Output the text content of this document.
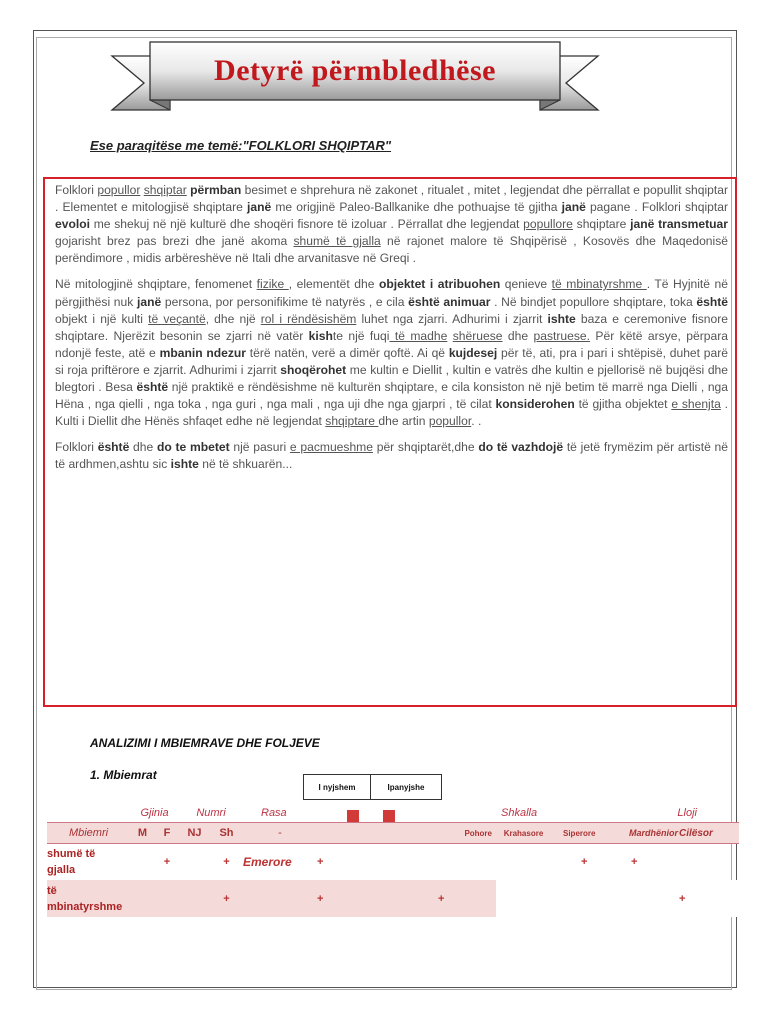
Detyrë përmbledhëse
Ese paraqitëse me temë:"FOLKLORI SHQIPTAR"

Folklori popullor shqiptar përmban besimet e shprehura në zakonet , ritualet , mitet , legjendat dhe përrallat e popullit shqiptar . Elementet e mitologjisë shqiptare janë me origjinë Paleo-Ballkanike dhe pothuajse të gjitha janë pagane . Folklori shqiptar evoloi me shekuj në një kulturë dhe shoqëri fisnore të izoluar . Përrallat dhe legjendat popullore shqiptare janë transmetuar gojarisht brez pas brezi dhe janë akoma shumë të gjalla në rajonet malore të Shqipërisë , Kosovës dhe Maqedonisë perëndimore , midis arbëreshëve në Itali dhe arvanitasve në Greqi .

Në mitologjinë shqiptare, fenomenet fizike , elementët dhe objektet i atribuohen qenieve të mbinatyrshme . Të Hyjnitë në përgjithësi nuk janë persona, por personifikime të natyrës , e cila është animuar . Në bindjet popullore shqiptare, toka është objekt i një kulti të veçantë, dhe një rol i rëndësishëm luhet nga zjarri. Adhurimi i zjarrit ishte baza e ceremonive fisnore shqiptare. Njerëzit besonin se zjarri në vatër kishte një fuqi të madhe shëruese dhe pastruese. Për këtë arsye, përpara ndonjë feste, atë e mbanin ndezur tërë natën, verë a dimër qoftë. Ai që kujdesej për të, ati, pra i pari i shtëpisë, duhet parë si roja priftërore e zjarrit. Adhurimi i zjarrit shoqërohet me kultin e Diellit , kultin e vatrës dhe kultin e pjellorisë në bujqësi dhe blegtori . Besa është një praktikë e rëndësishme në kulturën shqiptare, e cila konsiston në një betim të marrë nga Dielli , nga Hëna , nga qielli , nga toka , nga guri , nga mali , nga uji dhe nga gjarpri , të cilat konsiderohen të gjitha objektet e shenjta . Kulti i Diellit dhe Hënës shfaqet edhe në legjendat shqiptare dhe artin popullor. .

Folklori është dhe do te mbetet një pasuri e pacmueshme për shqiptarët,dhe do të vazhdojë të jetë frymëzim për artistë në të ardhmen,ashtu sic ishte në të shkuarën...

ANALIZIMI I MBIEMRAVE DHE FOLJEVE
1. Mbiemrat
I nyjshem	Ipanyjshe
	Gjinia		Numri		Rasa					Shkalla		Lloji	
Mbiemri	M	F	NJ	Sh	-				Pohore	Krahasore	Siperore	Mardhënior	Cilësor
shumë të gjalla		+		+	Emerore	+					+	+	
të mbinatyrshme				+		+			+				+
